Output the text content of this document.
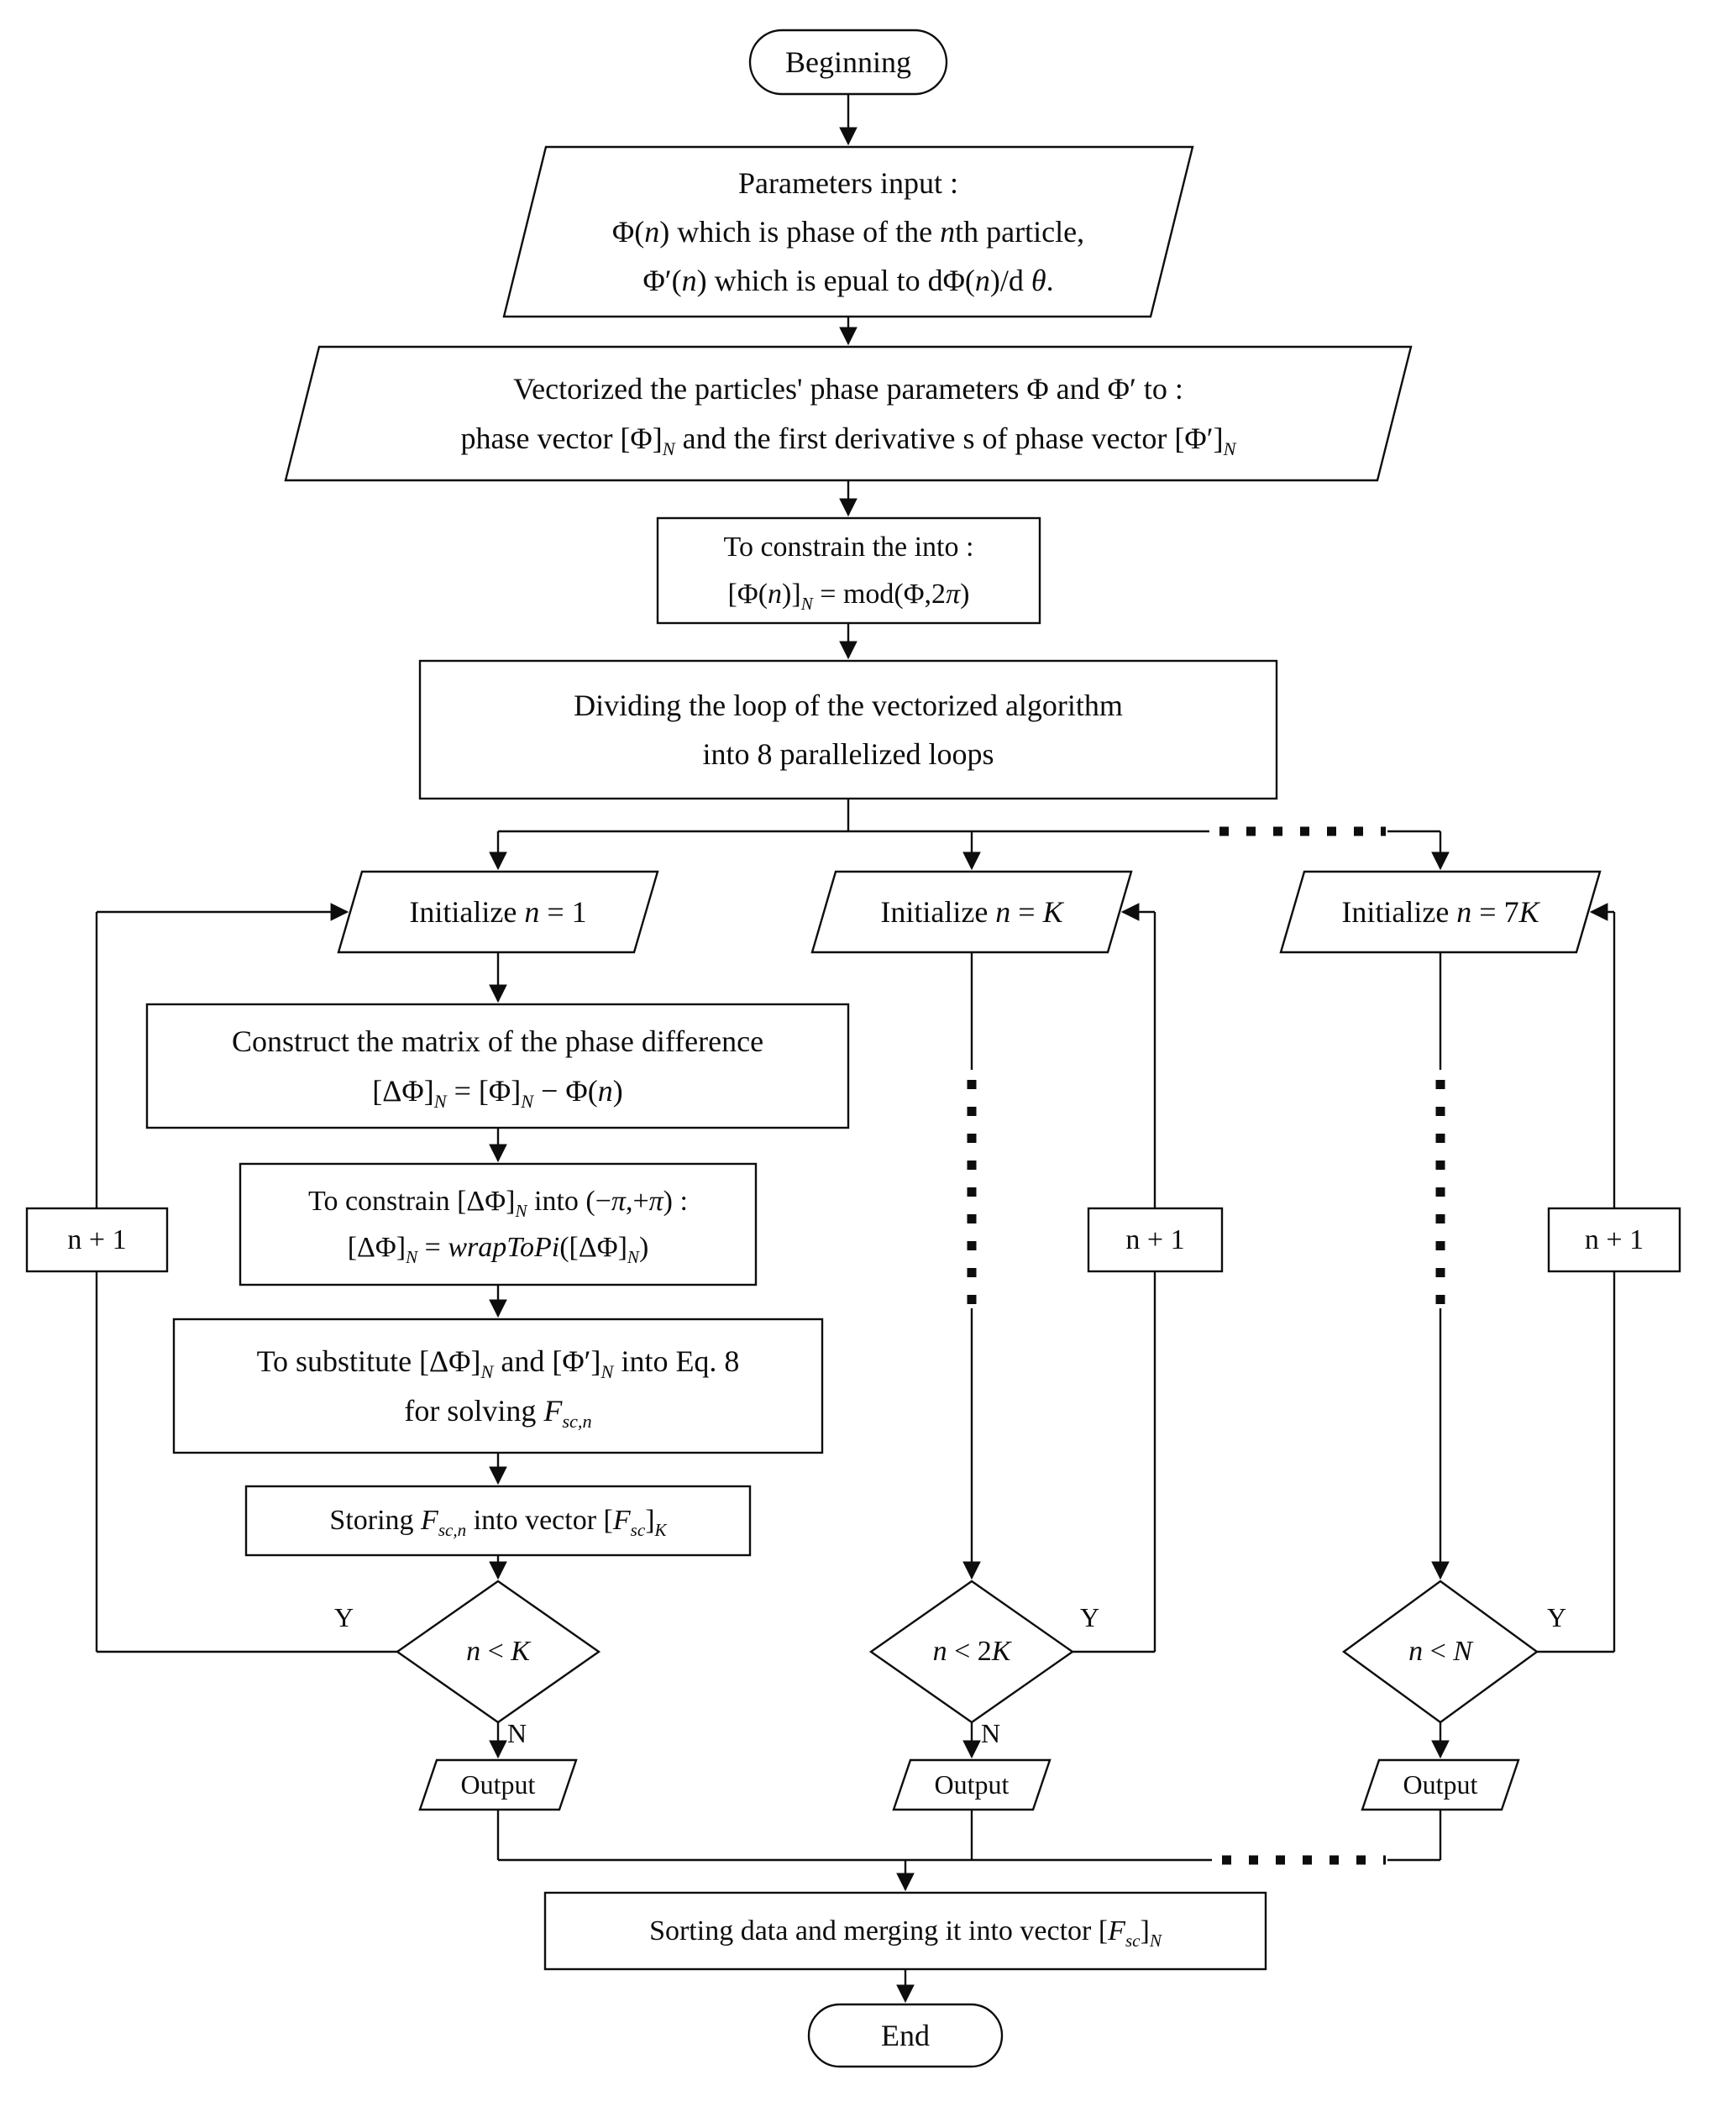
Beginning
Parameters input :
Φ(n) which is phase of the nth particle,
Φ′(n) which is epual to dΦ(n)/d θ.
Vectorized the particles' phase parameters Φ and Φ′ to :
phase vector $[\Phi]_N$ and the first derivative s of phase vector $[\Phi']_N$
To constrain the into :
$[\Phi(n)]_N = mod(\Phi,2\pi)$
Dividing the loop of the vectorized algorithm
into 8 parallelized loops
Initialize n = 1	Initialize n = K	Initialize n = 7K
Construct the matrix of the phase difference
$[\Delta\Phi]_N = [\Phi]_N - \Phi(n)$
To constrain $[\Delta\Phi]_N$ into (−π,+π) :
$[\Delta\Phi]_N$ = $wrapToPi([\Delta\Phi]_N)$
To substitute $[\Delta\Phi]_N$ and $[\Phi']_N$ into Eq. 8
for solving $F_{sc,n}$
Storing $F_{sc,n}$ into vector $[F_{sc}]_K$
n < K	n < 2K	n < N
n + 1	n + 1	n + 1
Y
N
Y
N
Y
Output	Output	Output
Sorting data and merging it into vector $[F_{sc}]_N$
End
